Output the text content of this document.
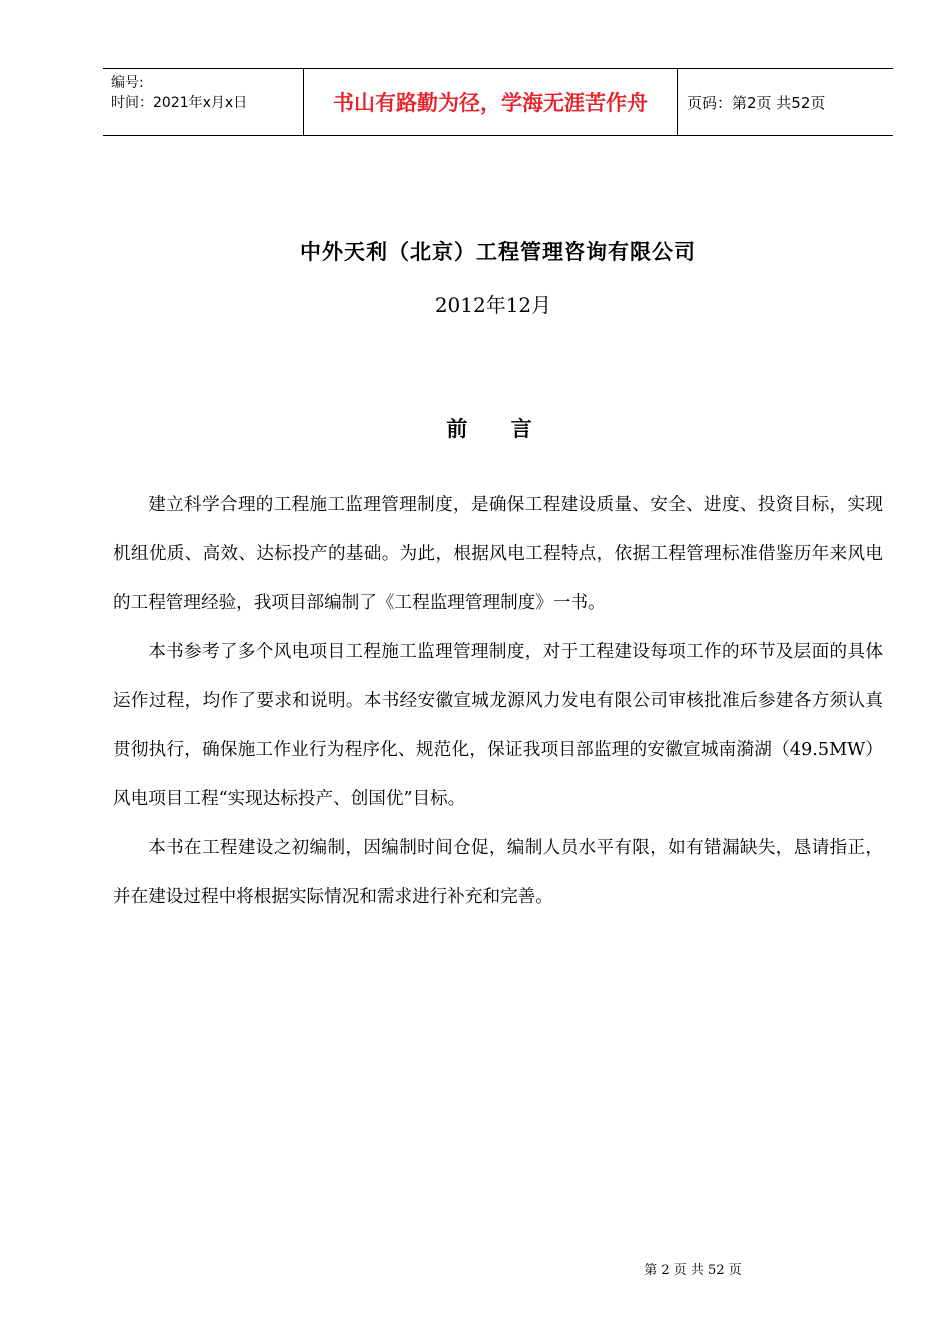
编号:
时间：2021年x月x日	书山有路勤为径，学海无涯苦作舟	页码：第2页 共52页
中外天利（北京）工程管理咨询有限公司
2012年12月
前 言

建立科学合理的工程施工监理管理制度，是确保工程建设质量、安全、进度、投资目标，实现机组优质、高效、达标投产的基础。为此，根据风电工程特点，依据工程管理标准借鉴历年来风电的工程管理经验，我项目部编制了《工程监理管理制度》一书。

本书参考了多个风电项目工程施工监理管理制度，对于工程建设每项工作的环节及层面的具体运作过程，均作了要求和说明。本书经安徽宣城龙源风力发电有限公司审核批准后参建各方须认真贯彻执行，确保施工作业行为程序化、规范化，保证我项目部监理的安徽宣城南漪湖（49.5MW）风电项目工程“实现达标投产、创国优”目标。

本书在工程建设之初编制，因编制时间仓促，编制人员水平有限，如有错漏缺失，恳请指正，并在建设过程中将根据实际情况和需求进行补充和完善。

第 2 页 共 52 页
